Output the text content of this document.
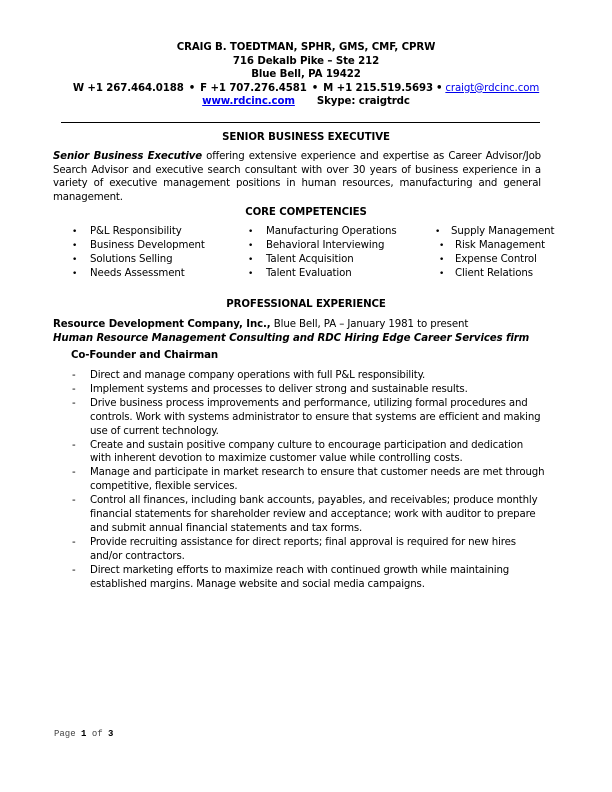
CRAIG B. TOEDTMAN, SPHR, GMS, CMF, CPRW
716 Dekalb Pike – Ste 212
Blue Bell, PA 19422
W +1 267.464.0188 • F +1 707.276.4581 • M +1 215.519.5693 • craigt@rdcinc.com
www.rdcinc.com Skype: craigtrdc
SENIOR BUSINESS EXECUTIVE
Senior Business Executive offering extensive experience and expertise as Career Advisor/Job Search Advisor and executive search consultant with over 30 years of business experience in a variety of executive management positions in human resources, manufacturing and general management.
CORE COMPETENCIES
• P&L Responsibility
• Business Development
• Solutions Selling
• Needs Assessment
• Manufacturing Operations
• Behavioral Interviewing
• Talent Acquisition
• Talent Evaluation
• Supply Management
• Risk Management
• Expense Control
• Client Relations
PROFESSIONAL EXPERIENCE
Resource Development Company, Inc., Blue Bell, PA – January 1981 to present
Human Resource Management Consulting and RDC Hiring Edge Career Services firm
Co-Founder and Chairman
- Direct and manage company operations with full P&L responsibility.
- Implement systems and processes to deliver strong and sustainable results.
- Drive business process improvements and performance, utilizing formal procedures and controls. Work with systems administrator to ensure that systems are efficient and making use of current technology.
- Create and sustain positive company culture to encourage participation and dedication with inherent devotion to maximize customer value while controlling costs.
- Manage and participate in market research to ensure that customer needs are met through competitive, flexible services.
- Control all finances, including bank accounts, payables, and receivables; produce monthly financial statements for shareholder review and acceptance; work with auditor to prepare and submit annual financial statements and tax forms.
- Provide recruiting assistance for direct reports; final approval is required for new hires and/or contractors.
- Direct marketing efforts to maximize reach with continued growth while maintaining established margins. Manage website and social media campaigns.
Page 1 of 3
